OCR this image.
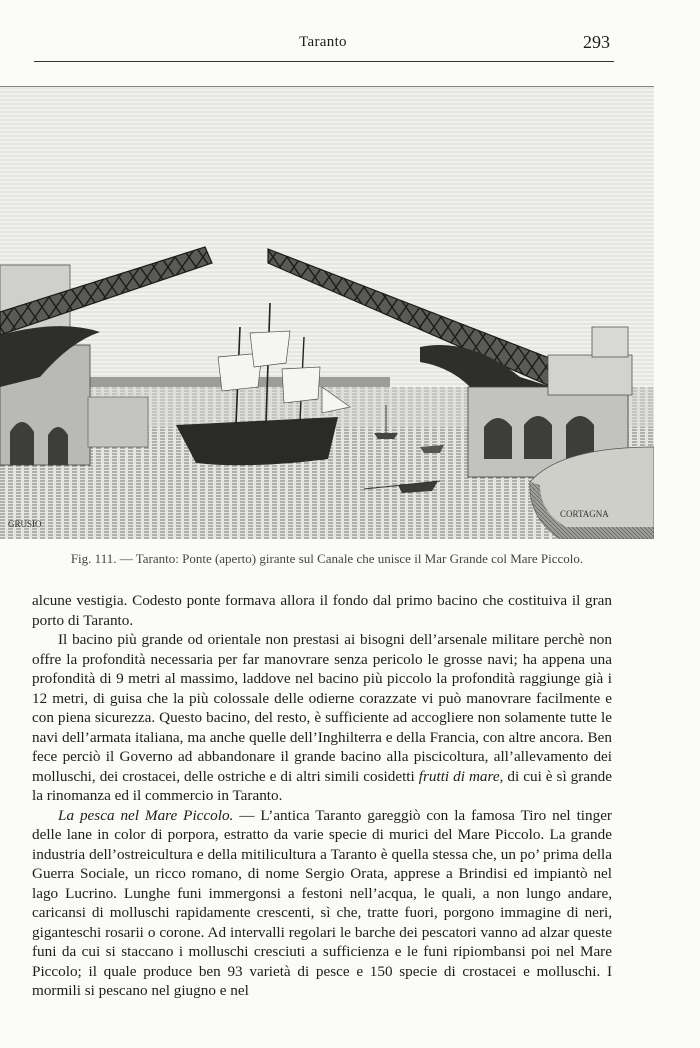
Taranto	293
GRUSIO
CORTAGNA
Fig. 111. — Taranto: Ponte (aperto) girante sul Canale che unisce il Mar Grande col Mare Piccolo.

alcune vestigia. Codesto ponte formava allora il fondo dal primo bacino che costituiva il gran porto di Taranto.

Il bacino più grande od orientale non prestasi ai bisogni dell’arsenale militare perchè non offre la profondità necessaria per far manovrare senza pericolo le grosse navi; ha appena una profondità di 9 metri al massimo, laddove nel bacino più piccolo la profondità raggiunge già i 12 metri, di guisa che la più colossale delle odierne corazzate vi può manovrare facilmente e con piena sicurezza. Questo bacino, del resto, è sufficiente ad accogliere non solamente tutte le navi dell’armata italiana, ma anche quelle dell’Inghilterra e della Francia, con altre ancora. Ben fece perciò il Governo ad abbandonare il grande bacino alla piscicoltura, all’allevamento dei molluschi, dei crostacei, delle ostriche e di altri simili cosidetti frutti di mare, di cui è sì grande la rinomanza ed il commercio in Taranto.

La pesca nel Mare Piccolo. — L’antica Taranto gareggiò con la famosa Tiro nel tinger delle lane in color di porpora, estratto da varie specie di murici del Mare Piccolo. La grande industria dell’ostreicultura e della mitilicultura a Taranto è quella stessa che, un po’ prima della Guerra Sociale, un ricco romano, di nome Sergio Orata, apprese a Brindisi ed impiantò nel lago Lucrino. Lunghe funi immergonsi a festoni nell’acqua, le quali, a non lungo andare, caricansi di molluschi rapidamente crescenti, sì che, tratte fuori, porgono immagine di neri, giganteschi rosarii o corone. Ad intervalli regolari le barche dei pescatori vanno ad alzar queste funi da cui si staccano i molluschi cresciuti a sufficienza e le funi ripiombansi poi nel Mare Piccolo; il quale produce ben 93 varietà di pesce e 150 specie di crostacei e molluschi. I mormili si pescano nel giugno e nel
